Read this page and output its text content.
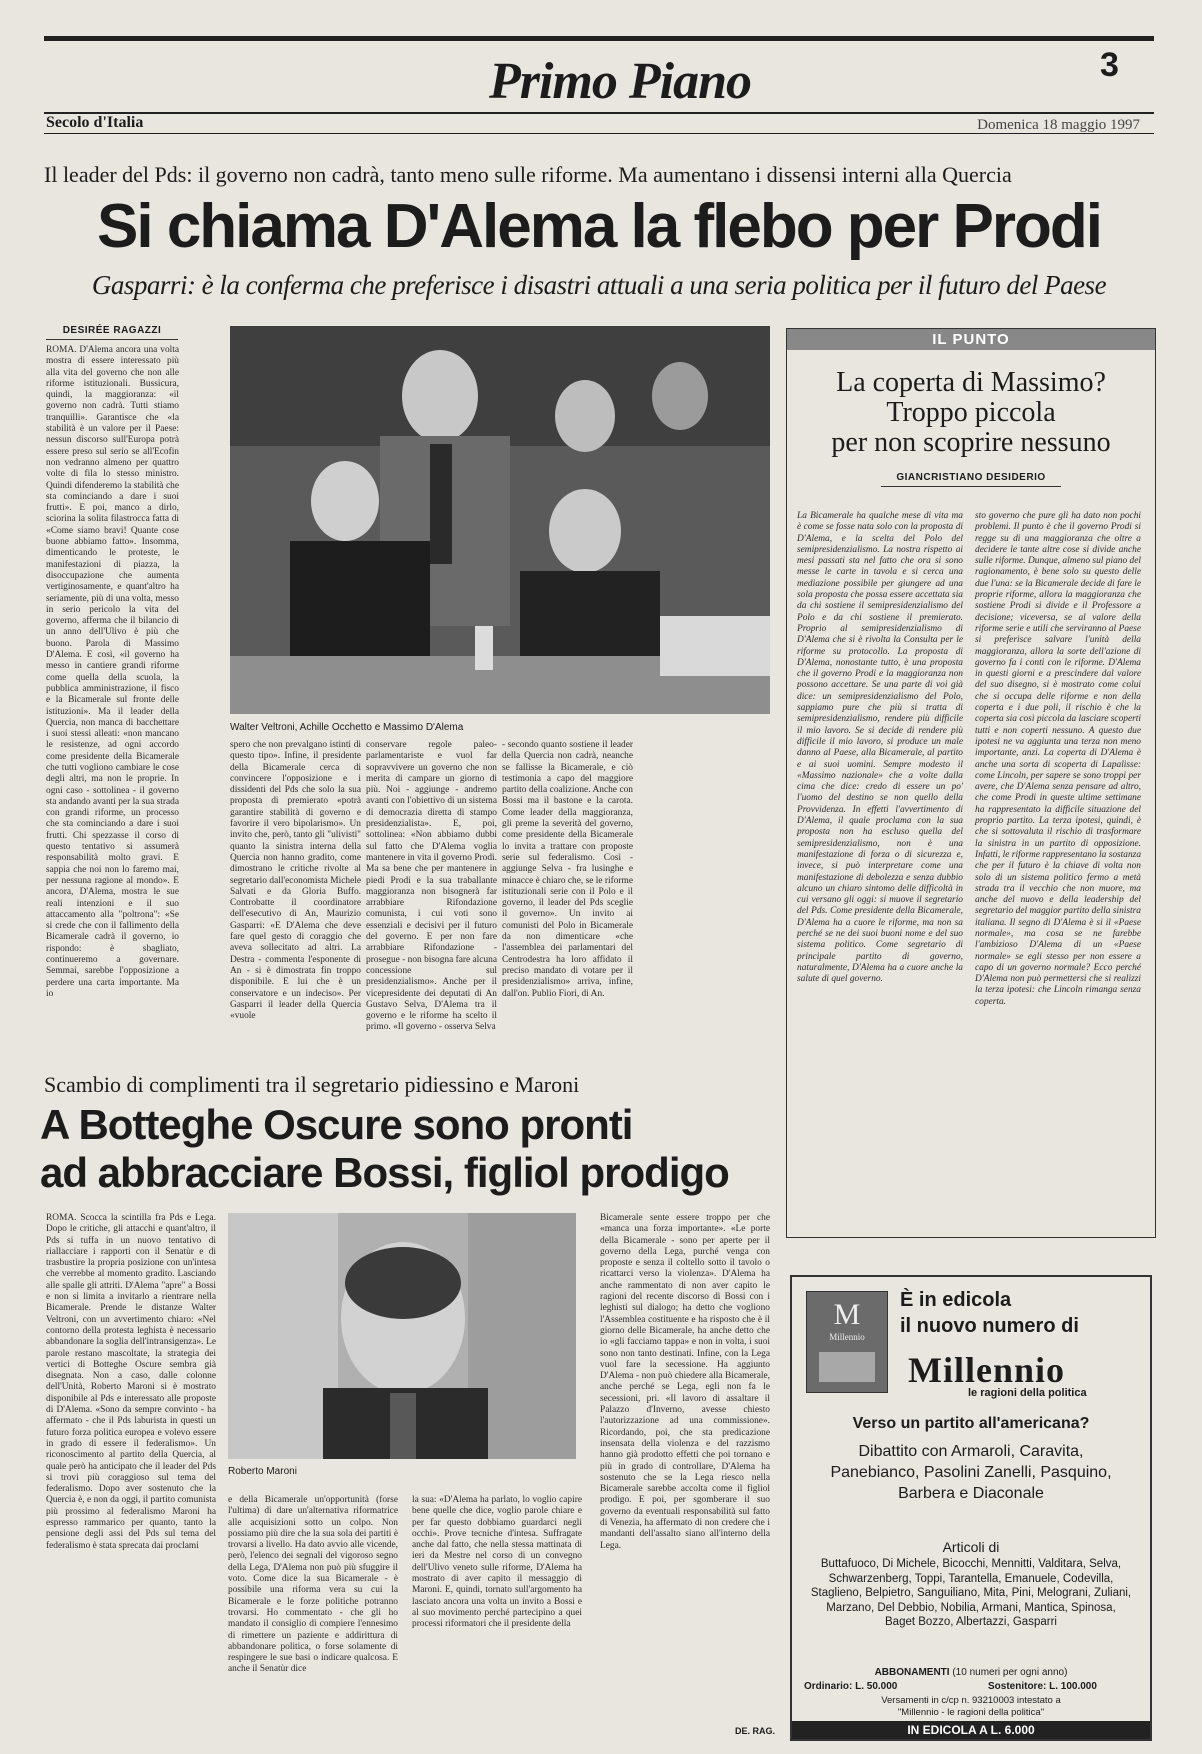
Primo Piano	3
Secolo d'Italia	Domenica 18 maggio 1997
Il leader del Pds: il governo non cadrà, tanto meno sulle riforme. Ma aumentano i dissensi interni alla Quercia
Si chiama D'Alema la flebo per Prodi
Gasparri: è la conferma che preferisce i disastri attuali a una seria politica per il futuro del Paese
DESIRÉE RAGAZZI
ROMA. D'Alema ancora una volta mostra di essere interessato più alla vita del governo che non alle riforme istituzionali. Bussicura, quindi, la maggioranza: «il governo non cadrà. Tutti stiamo tranquilli». Garantisce che «la stabilità è un valore per il Paese: nessun discorso sull'Europa potrà essere preso sul serio se all'Ecofin non vedranno almeno per quattro volte di fila lo stesso ministro. Quindi difenderemo la stabilità che sta cominciando a dare i suoi frutti». E poi, manco a dirlo, sciorina la solita filastrocca fatta di «Come siamo bravi! Quante cose buone abbiamo fatto». Insomma, dimenticando le proteste, le manifestazioni di piazza, la disoccupazione che aumenta vertiginosamente, e quant'altro ha seriamente, più di una volta, messo in serio pericolo la vita del governo, afferma che il bilancio di un anno dell'Ulivo è più che buono. Parola di Massimo D'Alema. E così, «il governo ha messo in cantiere grandi riforme come quella della scuola, la pubblica amministrazione, il fisco e la Bicamerale sul fronte delle istituzioni». Ma il leader della Quercia, non manca di bacchettare i suoi stessi alleati: «non mancano le resistenze, ad ogni accordo come presidente della Bicamerale che tutti vogliono cambiare le cose degli altri, ma non le proprie. In ogni caso - sottolinea - il governo sta andando avanti per la sua strada con grandi riforme, un processo che sta cominciando a dare i suoi frutti. Chi spezzasse il corso di questo tentativo si assumerà responsabilità molto gravi. E sappia che noi non lo faremo mai, per nessuna ragione al mondo». E ancora, D'Alema, mostra le sue reali intenzioni e il suo attaccamento alla "poltrona": «Se si crede che con il fallimento della Bicamerale cadrà il governo, io rispondo: è sbagliato, continueremo a governare. Semmai, sarebbe l'opposizione a perdere una carta importante. Ma io
Walter Veltroni, Achille Occhetto e Massimo D'Alema
spero che non prevalgano istinti di questo tipo». Infine, il presidente della Bicamerale cerca di convincere l'opposizione e i dissidenti del Pds che solo la sua proposta di premierato «potrà garantire stabilità di governo e favorire il vero bipolarismo». Un invito che, però, tanto gli "ulivisti" quanto la sinistra interna della Quercia non hanno gradito, come dimostrano le critiche rivolte al segretario dall'economista Michele Salvati e da Gloria Buffo. Controbatte il coordinatore dell'esecutivo di An, Maurizio Gasparri: «E D'Alema che deve fare quel gesto di coraggio che aveva sollecitato ad altri. La Destra - commenta l'esponente di An - si è dimostrata fin troppo disponibile. E lui che è un conservatore e un indeciso». Per Gasparri il leader della Quercia «vuole
conservare regole paleo-parlamentariste e vuol far sopravvivere un governo che non merita di campare un giorno di più. Noi - aggiunge - andremo avanti con l'obiettivo di un sistema di democrazia diretta di stampo presidenzialista». E, poi, sottolinea: «Non abbiamo dubbi sul fatto che D'Alema voglia mantenere in vita il governo Prodi. Ma sa bene che per mantenere in piedi Prodi e la sua traballante maggioranza non bisognerà far arrabbiare Rifondazione comunista, i cui voti sono essenziali e decisivi per il futuro del governo. E per non fare arrabbiare Rifondazione - prosegue - non bisogna fare alcuna concessione sul presidenzialismo». Anche per il vicepresidente dei deputati di An Gustavo Selva, D'Alema tra il governo e le riforme ha scelto il primo. «Il governo - osserva Selva
- secondo quanto sostiene il leader della Quercia non cadrà, neanche se fallisse la Bicamerale, e ciò testimonia a capo del maggiore partito della coalizione. Anche con Bossi ma il bastone e la carota. Come leader della maggioranza, gli preme la severità del governo, come presidente della Bicamerale lo invita a trattare con proposte serie sul federalismo. Così - aggiunge Selva - fra lusinghe e minacce è chiaro che, se le riforme istituzionali serie con il Polo e il governo, il leader del Pds sceglie il governo». Un invito ai comunisti del Polo in Bicamerale da non dimenticare «che l'assemblea dei parlamentari del Centrodestra ha loro affidato il preciso mandato di votare per il presidenzialismo» arriva, infine, dall'on. Publio Fiori, di An.
IL PUNTO
La coperta di Massimo?
Troppo piccola
per non scoprire nessuno
GIANCRISTIANO DESIDERIO
La Bicamerale ha qualche mese di vita ma è come se fosse nata solo con la proposta di D'Alema, e la scelta del Polo del semipresidenzialismo. La nostra rispetto ai mesi passati sta nel fatto che ora si sono messe le carte in tavola e si cerca una mediazione possibile per giungere ad una sola proposta che possa essere accettata sia da chi sostiene il semipresidenzialismo del Polo e da chi sostiene il premierato. Proprio al semipresidenzialismo di D'Alema che si è rivolta la Consulta per le riforme su protocollo. La proposta di D'Alema, nonostante tutto, è una proposta che il governo Prodi e la maggioranza non possono accettare. Se una parte di voi già dice: un semipresidenzialismo del Polo, sappiamo pure che più si tratta di semipresidenzialismo, rendere più difficile il mio lavoro. Se si decide di rendere più difficile il mio lavoro, si produce un male danno al Paese, alla Bicamerale, al partito e ai suoi uomini. Sempre modesto il «Massimo nazionale» che a volte dalla cima che dice: credo di essere un po' l'uomo del destino se non quello della Provvidenza. In effetti l'avvertimento di D'Alema, il quale proclama con la sua proposta non ha escluso quella del semipresidenzialismo, non è una manifestazione di forza o di sicurezza e, invece, si può interpretare come una manifestazione di debolezza e senza dubbio alcuno un chiaro sintomo delle difficoltà in cui versano gli oggi: si muove il segretario del Pds. Come presidente della Bicamerale, D'Alema ha a cuore le riforme, ma non sa perché se ne dei suoi buoni nome e del suo sistema politico. Come segretario di principale partito di governo, naturalmente, D'Alema ha a cuore anche la salute di quel governo.
sto governo che pure gli ha dato non pochi problemi. Il punto è che il governo Prodi si regge su di una maggioranza che oltre a decidere le tante altre cose si divide anche sulle riforme. Dunque, almeno sul piano del ragionamento, è bene solo su questo delle due l'una: se la Bicamerale decide di fare le proprie riforme, allora la maggioranza che sostiene Prodi si divide e il Professore a decisione; viceversa, se al valore della riforme serie e utili che serviranno al Paese si preferisce salvare l'unità della maggioranza, allora la sorte dell'azione di governo fa i conti con le riforme. D'Alema in questi giorni e a prescindere dal valore del suo disegno, si è mostrato come colui che si occupa delle riforme e non della coperta e i due poli, il rischio è che la coperta sia così piccola da lasciare scoperti tutti e non coperti nessuno. A questo due ipotesi ne va aggiunta una terza non meno importante, anzi. La coperta di D'Alema è anche una sorta di scoperta di Lapalisse: come Lincoln, per sapere se sono troppi per avere, che D'Alema senza pensare ad altro, che come Prodi in queste ultime settimane ha rappresentato la difficile situazione del proprio partito. La terza ipotesi, quindi, è che si sottovaluta il rischio di trasformare la sinistra in un partito di opposizione. Infatti, le riforme rappresentano la sostanza che per il futuro è la chiave di volta non solo di un sistema politico fermo a metà strada tra il vecchio che non muore, ma anche del nuovo e della leadership del segretario del maggior partito della sinistra italiana. Il segno di D'Alema è si il «Paese normale», ma cosa se ne farebbe l'ambizioso D'Alema di un «Paese normale» se egli stesso per non essere a capo di un governo normale? Ecco perché D'Alema non può permettersi che si realizzi la terza ipotesi: che Lincoln rimanga senza coperta.
Scambio di complimenti tra il segretario pidiessino e Maroni
A Botteghe Oscure sono pronti
ad abbracciare Bossi, figliol prodigo
ROMA. Scocca la scintilla fra Pds e Lega. Dopo le critiche, gli attacchi e quant'altro, il Pds si tuffa in un nuovo tentativo di riallacciare i rapporti con il Senatùr e di trasbustire la propria posizione con un'intesa che verrebbe al momento gradito. Lasciando alle spalle gli attriti. D'Alema "apre" a Bossi e non si limita a invitarlo a rientrare nella Bicamerale. Prende le distanze Walter Veltroni, con un avvertimento chiaro: «Nel contorno della protesta leghista è necessario abbandonare la soglia dell'intransigenza». Le parole restano mascoltate, la strategia dei vertici di Botteghe Oscure sembra già disegnata. Non a caso, dalle colonne dell'Unità, Roberto Maroni si è mostrato disponibile al Pds e interessato alle proposte di D'Alema. «Sono da sempre convinto - ha affermato - che il Pds laburista in questi un futuro forza politica europea e volevo essere in grado di essere il federalismo». Un riconoscimento al partito della Quercia, al quale però ha anticipato che il leader del Pds si trovi più coraggioso sul tema del federalismo. Dopo aver sostenuto che la Quercia è, e non da oggi, il partito comunista più prossimo al federalismo Maroni ha espresso rammarico per quanto, tanto la pensione degli assi del Pds sul tema del federalismo è stata sprecata dai proclami
Roberto Maroni
e della Bicamerale un'opportunità (forse l'ultima) di dare un'alternativa riformatrice alle acquisizioni sotto un colpo. Non possiamo più dire che la sua sola dei partiti è trovarsi a livello. Ha dato avvio alle vicende, però, l'elenco dei segnali del vigoroso segno della Lega, D'Alema non può più sfuggire il voto. Come dice la sua Bicamerale - è possibile una riforma vera su cui la Bicamerale e le forze politiche potranno trovarsi. Ho commentato - che gli ho mandato il consiglio di compiere l'ennesimo di rimettere un paziente e addirittura di abbandonare politica, o forse solamente di respingere le sue basi o indicare qualcosa. E anche il Senatùr dice
la sua: «D'Alema ha parlato, lo voglio capire bene quelle che dice, voglio parole chiare e per far questo dobbiamo guardarci negli occhi». Prove tecniche d'intesa. Suffragate anche dal fatto, che nella stessa mattinata di ieri da Mestre nel corso di un convegno dell'Ulivo veneto sulle riforme, D'Alema ha mostrato di aver capito il messaggio di Maroni. E, quindi, tornato sull'argomento ha lasciato ancora una volta un invito a Bossi e al suo movimento perché partecipino a quei processi riformatori che il presidente della
Bicamerale sente essere troppo per che «manca una forza importante». «Le porte della Bicamerale - sono per aperte per il governo della Lega, purché venga con proposte e senza il coltello sotto il tavolo o ricattarci verso la violenza». D'Alema ha anche rammentato di non aver capito le ragioni del recente discorso di Bossi con i leghisti sul dialogo; ha detto che vogliono l'Assemblea costituente e ha risposto che è il giorno delle Bicamerale, ha anche detto che io «gli facciamo tappa» e non in volta, i suoi sono non tanto destinati. Infine, con la Lega vuol fare la secessione. Ha aggiunto D'Alema - non può chiedere alla Bicamerale, anche perché se Lega, egli non fa le secessioni, pri. «Il lavoro di assaltare il Palazzo d'Inverno, avesse chiesto l'autorizzazione ad una commissione». Ricordando, poi, che sta predicazione insensata della violenza e del razzismo hanno già prodotto effetti che poi tornano e più in grado di controllare, D'Alema ha sostenuto che se la Lega riesco nella Bicamerale sarebbe accolta come il figliol prodigo. E poi, per sgomberare il suo governo da eventuali responsabilità sul fatto di Venezia, ha affermato di non credere che i mandanti dell'assalto siano all'interno della Lega.
DE. RAG.
M
Millennio
È in edicola
il nuovo numero di
Millennio
le ragioni della politica
Verso un partito all'americana?
Dibattito con Armaroli, Caravita, Panebianco, Pasolini Zanelli, Pasquino, Barbera e Diaconale
Articoli di
Buttafuoco, Di Michele, Bicocchi, Mennitti, Valditara, Selva, Schwarzenberg, Toppi, Tarantella, Emanuele, Codevilla, Staglieno, Belpietro, Sanguiliano, Mita, Pini, Melograni, Zuliani, Marzano, Del Debbio, Nobilia, Armani, Mantica, Spinosa, Baget Bozzo, Albertazzi, Gasparri
ABBONAMENTI (10 numeri per ogni anno)
Ordinario: L. 50.000	Sostenitore: L. 100.000
Versamenti in c/cp n. 93210003 intestato a
"Millennio - le ragioni della politica"
IN EDICOLA A L. 6.000
